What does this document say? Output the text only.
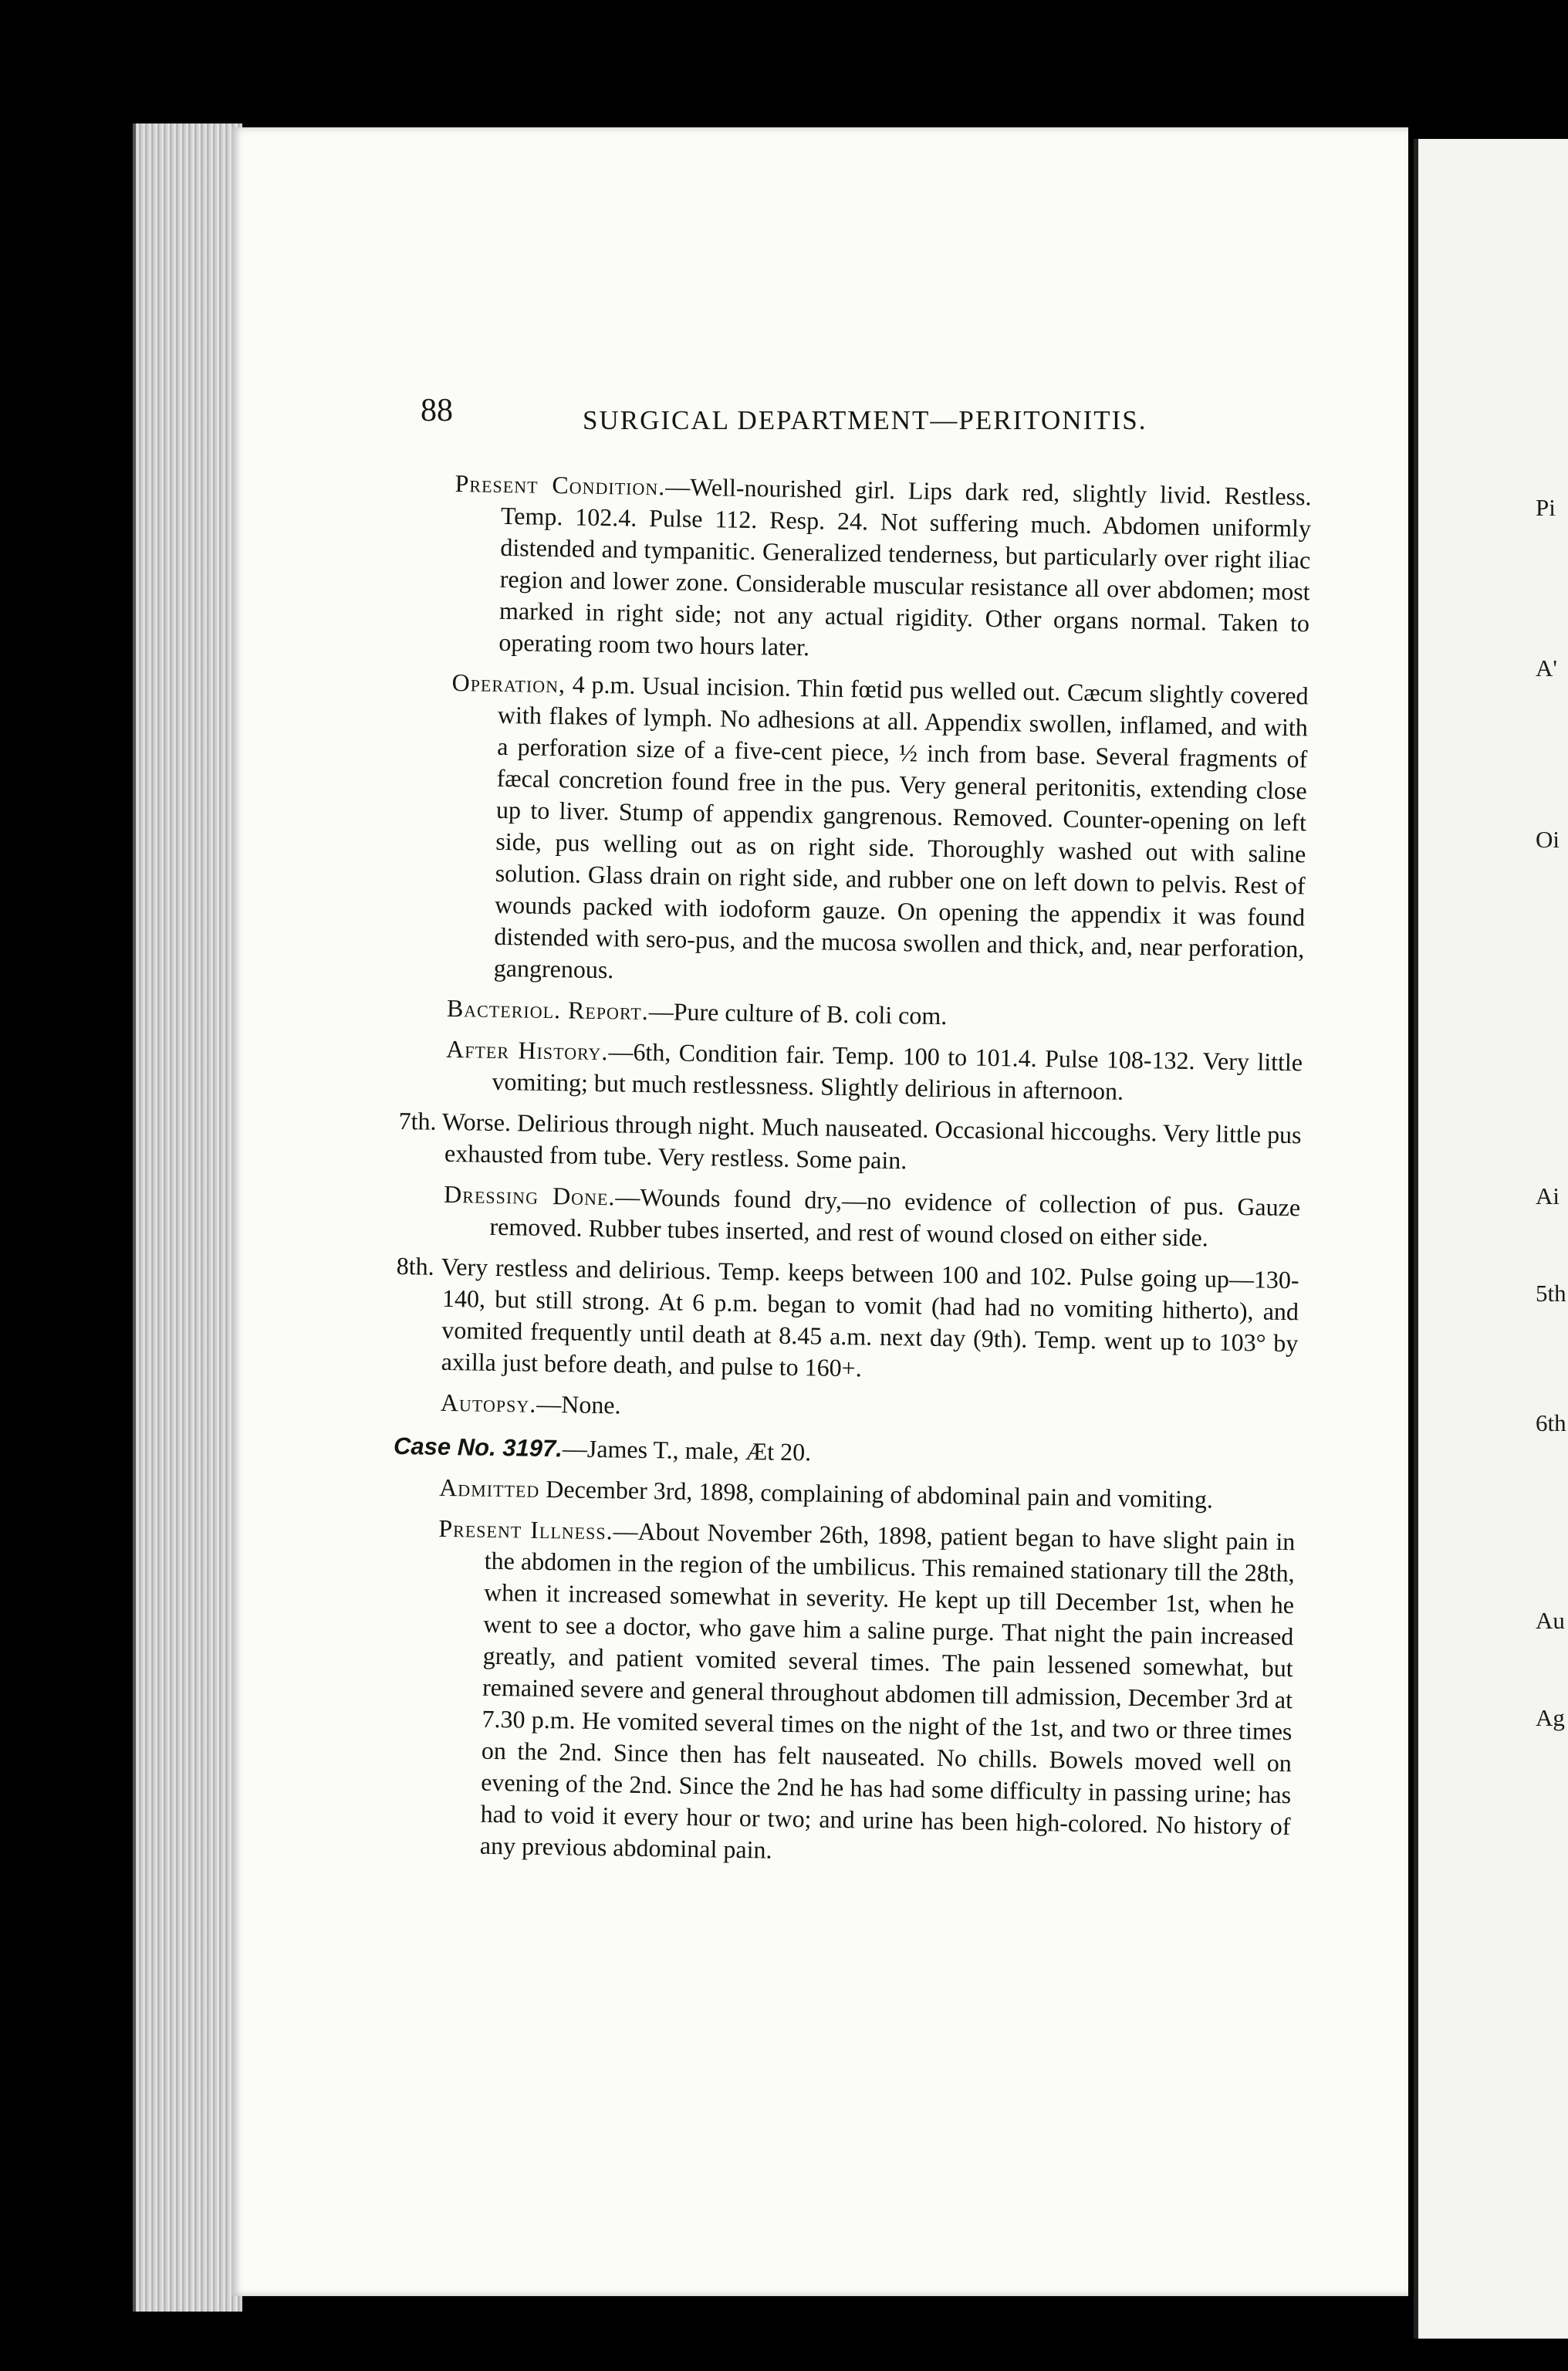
Pi
A'
Oi
Ai
5th
6th
Au
Ag
88	SURGICAL DEPARTMENT—PERITONITIS.

Present Condition.—Well-nourished girl. Lips dark red, slightly livid. Restless. Temp. 102.4. Pulse 112. Resp. 24. Not suffering much. Abdomen uniformly distended and tympanitic. Generalized tenderness, but particularly over right iliac region and lower zone. Considerable muscular resistance all over abdomen; most marked in right side; not any actual rigidity. Other organs normal. Taken to operating room two hours later.

Operation, 4 p.m. Usual incision. Thin fœtid pus welled out. Cæcum slightly covered with flakes of lymph. No adhesions at all. Appendix swollen, inflamed, and with a perforation size of a five-cent piece, ½ inch from base. Several fragments of fæcal concretion found free in the pus. Very general peritonitis, extending close up to liver. Stump of appendix gangrenous. Removed. Counter-opening on left side, pus welling out as on right side. Thoroughly washed out with saline solution. Glass drain on right side, and rubber one on left down to pelvis. Rest of wounds packed with iodoform gauze. On opening the appendix it was found distended with sero-pus, and the mucosa swollen and thick, and, near perforation, gangrenous.

Bacteriol. Report.—Pure culture of B. coli com.

After History.—6th, Condition fair. Temp. 100 to 101.4. Pulse 108-132. Very little vomiting; but much restlessness. Slightly delirious in afternoon.

7th. Worse. Delirious through night. Much nauseated. Occasional hiccoughs. Very little pus exhausted from tube. Very restless. Some pain.

Dressing Done.—Wounds found dry,—no evidence of collection of pus. Gauze removed. Rubber tubes inserted, and rest of wound closed on either side.

8th. Very restless and delirious. Temp. keeps between 100 and 102. Pulse going up—130-140, but still strong. At 6 p.m. began to vomit (had had no vomiting hitherto), and vomited frequently until death at 8.45 a.m. next day (9th). Temp. went up to 103° by axilla just before death, and pulse to 160+.

Autopsy.—None.

Case No. 3197.—James T., male, Æt 20.

Admitted December 3rd, 1898, complaining of abdominal pain and vomiting.

Present Illness.—About November 26th, 1898, patient began to have slight pain in the abdomen in the region of the umbilicus. This remained stationary till the 28th, when it increased somewhat in severity. He kept up till December 1st, when he went to see a doctor, who gave him a saline purge. That night the pain increased greatly, and patient vomited several times. The pain lessened somewhat, but remained severe and general throughout abdomen till admission, December 3rd at 7.30 p.m. He vomited several times on the night of the 1st, and two or three times on the 2nd. Since then has felt nauseated. No chills. Bowels moved well on evening of the 2nd. Since the 2nd he has had some difficulty in passing urine; has had to void it every hour or two; and urine has been high-colored. No history of any previous abdominal pain.
